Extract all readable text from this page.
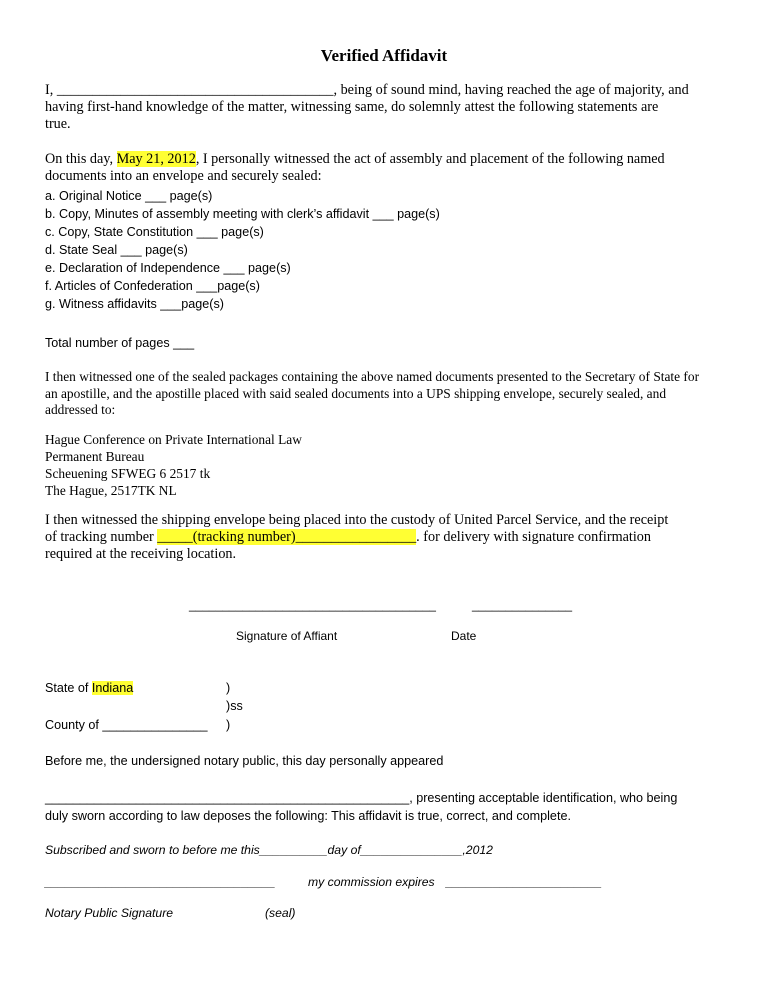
Verified Affidavit
I, _______________________________________, being of sound mind, having reached the age of majority, and
having first-hand knowledge of the matter, witnessing same, do solemnly attest the following statements are
true.
On this day, May 21, 2012, I personally witnessed the act of assembly and placement of the following named
documents into an envelope and securely sealed:
a. Original Notice ___ page(s)
b. Copy, Minutes of assembly meeting with clerk’s affidavit ___ page(s)
c. Copy, State Constitution ___ page(s)
d. State Seal ___ page(s)
e. Declaration of Independence ___ page(s)
f. Articles of Confederation ___page(s)
g. Witness affidavits ___page(s)
Total number of pages ___
I then witnessed one of the sealed packages containing the above named documents presented to the Secretary of State for
an apostille, and the apostille placed with said sealed documents into a UPS shipping envelope, securely sealed, and
addressed to:
Hague Conference on Private International Law
Permanent Bureau
Scheuening SFWEG 6 2517 tk
The Hague, 2517TK NL
I then witnessed the shipping envelope being placed into the custody of United Parcel Service, and the receipt
of tracking number _____(tracking number)_________________. for delivery with signature confirmation
required at the receiving location.
_____________________________________	_______________
Signature of Affiant	Date
State of Indiana	)
)ss
County of _______________ )
Before me, the undersigned notary public, this day personally appeared
____________________________________________________, presenting acceptable identification, who being
duly sworn according to law deposes the following: This affidavit is true, correct, and complete.
Subscribed and sworn to before me this__________day of_______________,2012
__________________________________	my commission expires _______________________
Notary Public Signature	(seal)
